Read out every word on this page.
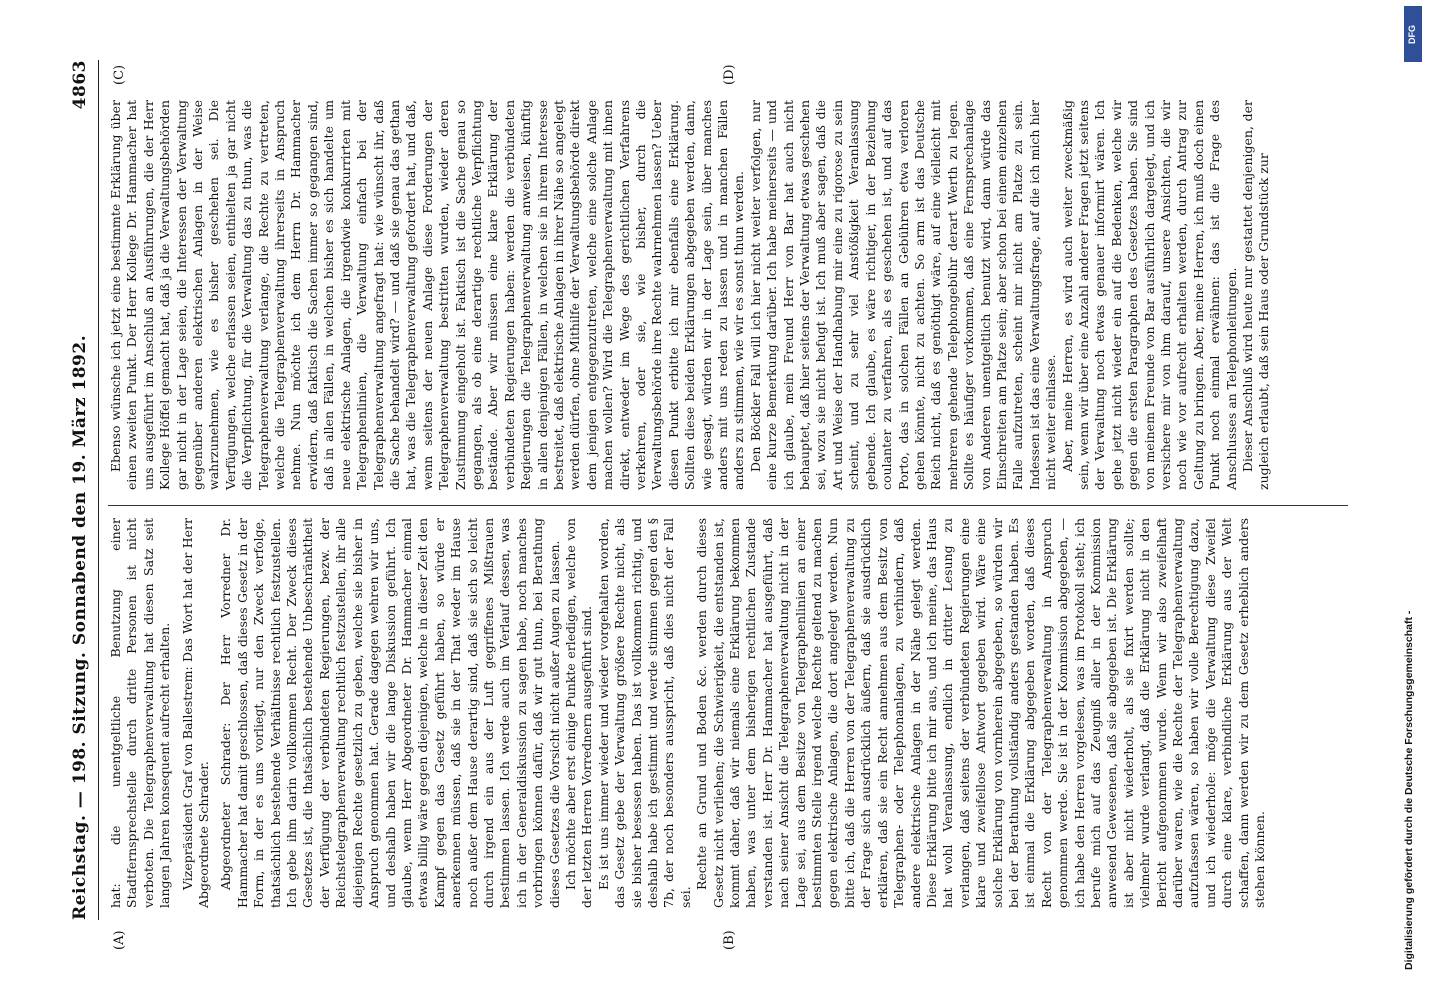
Reichstag. — 198. Sitzung.
Sonnabend den 19. März 1892.
4863
(A)	(B)
(C)	(D)

hat: die unentgeltliche Benutzung einer Stadtfernsprechstelle durch dritte Personen ist nicht verboten. Die Telegraphenverwaltung hat diesen Satz seit langen Jahren konsequent aufrecht erhalten. Vizepräsident Graf von Ballestrem: Das Wort hat der Herr Abgeordnete Schrader. Abgeordneter Schrader: Der Herr Vorredner Dr. Hammacher hat damit geschlossen, daß dieses Gesetz in der Form, in der es uns vorliegt, nur den Zweck verfolge, thatsächlich bestehende Verhältnisse rechtlich festzustellen. Ich gebe ihm darin vollkommen Recht. Der Zweck dieses Gesetzes ist, die thatsächlich bestehende Unbeschränktheit der Verfügung der verbündeten Regierungen, bezw. der Reichstelegraphenverwaltung rechtlich festzustellen, ihr alle diejenigen Rechte gesetzlich zu geben, welche sie bisher in Anspruch genommen hat. Gerade dagegen wehren wir uns, und deshalb haben wir die lange Diskussion geführt. Ich glaube, wenn Herr Abgeordneter Dr. Hammacher einmal etwas billig wäre gegen diejenigen, welche in dieser Zeit den Kampf gegen das Gesetz geführt haben, so würde er anerkennen müssen, daß sie in der That weder im Hause noch außer dem Hause derartig sind, daß sie sich so leicht durch irgend ein aus der Luft gegriffenes Mißtrauen bestimmen lassen. Ich werde auch im Verlauf dessen, was ich in der Generaldiskussion zu sagen habe, noch manches vorbringen können dafür, daß wir gut thun, bei Berathung dieses Gesetzes die Vorsicht nicht außer Augen zu lassen. Ich möchte aber erst einige Punkte erledigen, welche von der letzten Herren Vorrednern ausgeführt sind. Es ist uns immer wieder und wieder vorgehalten worden, das Gesetz gebe der Verwaltung größere Rechte nicht, als sie bisher besessen haben. Das ist vollkommen richtig, und deshalb habe ich gestimmt und werde stimmen gegen den § 7b, der noch besonders ausspricht, daß dies nicht der Fall sei.

Rechte an Grund und Boden &c. werden durch dieses Gesetz nicht verliehen; die Schwierigkeit, die entstanden ist, kommt daher, daß wir niemals eine Erklärung bekommen haben, was unter dem bisherigen rechtlichen Zustande verstanden ist. Herr Dr. Hammacher hat ausgeführt, daß nach seiner Ansicht die Telegraphenverwaltung nicht in der Lage sei, aus dem Besitze von Telegraphenlinien an einer bestimmten Stelle irgend welche Rechte geltend zu machen gegen elektrische Anlagen, die dort angelegt werden. Nun bitte ich, daß die Herren von der Telegraphenverwaltung zu der Frage sich ausdrücklich äußern, daß sie ausdrücklich erklären, daß sie ein Recht annehmen aus dem Besitz von Telegraphen- oder Telephonanlagen, zu verhindern, daß andere elektrische Anlagen in der Nähe gelegt werden. Diese Erklärung bitte ich mir aus, und ich meine, das Haus hat wohl Veranlassung, endlich in dritter Lesung zu verlangen, daß seitens der verbündeten Regierungen eine klare und zweifellose Antwort gegeben wird. Wäre eine solche Erklärung von vornherein abgegeben, so würden wir bei der Berathung vollständig anders gestanden haben. Es ist einmal die Erklärung abgegeben worden, daß dieses Recht von der Telegraphenverwaltung in Anspruch genommen werde. Sie ist in der Kommission abgegeben, — ich habe den Herren vorgelesen, was im Protokoll steht; ich berufe mich auf das Zeugniß aller in der Kommission anwesend Gewesenen, daß sie abgegeben ist. Die Erklärung ist aber nicht wiederholt, als sie fixirt werden sollte; vielmehr wurde verlangt, daß die Erklärung nicht in den Bericht aufgenommen wurde. Wenn wir also zweifelhaft darüber waren, wie die Rechte der Telegraphenverwaltung aufzufassen wären, so haben wir volle Berechtigung dazu, und ich wiederhole: möge die Verwaltung diese Zweifel durch eine klare, verbindliche Erklärung aus der Welt schaffen, dann werden wir zu dem Gesetz erheblich anders stehen können.

Ebenso wünsche ich jetzt eine bestimmte Erklärung über einen zweiten Punkt. Der Herr Kollege Dr. Hammacher hat uns ausgeführt im Anschluß an Ausführungen, die der Herr Kollege Höffel gemacht hat, daß ja die Verwaltungsbehörden gar nicht in der Lage seien, die Interessen der Verwaltung gegenüber anderen elektrischen Anlagen in der Weise wahrzunehmen, wie es bisher geschehen sei. Die Verfügungen, welche erlassen seien, enthielten ja gar nicht die Verpflichtung, für die Verwaltung das zu thun, was die Telegraphenverwaltung verlange, die Rechte zu vertreten, welche die Telegraphenverwaltung ihrerseits in Anspruch nehme. Nun möchte ich dem Herrn Dr. Hammacher erwidern, daß faktisch die Sachen immer so gegangen sind, daß in allen Fällen, in welchen bisher es sich handelte um neue elektrische Anlagen, die irgendwie konkurrirten mit Telegraphenlinien, die Verwaltung einfach bei der Telegraphenverwaltung angefragt hat: wie wünscht ihr, daß die Sache behandelt wird? — und daß sie genau das gethan hat, was die Telegraphenverwaltung gefordert hat, und daß, wenn seitens der neuen Anlage diese Forderungen der Telegraphenverwaltung bestritten wurden, wieder deren Zustimmung eingeholt ist. Faktisch ist die Sache genau so gegangen, als ob eine derartige rechtliche Verpflichtung bestände. Aber wir müssen eine klare Erklärung der verbündeten Regierungen haben: werden die verbündeten Regierungen die Telegraphenverwaltung anweisen, künftig in allen denjenigen Fällen, in welchen sie in ihrem Interesse bestreitet, daß elektrische Anlagen in ihrer Nähe so angelegt werden dürfen, ohne Mithilfe der Verwaltungsbehörde direkt dem jenigen entgegenzutreten, welche eine solche Anlage machen wollen? Wird die Telegraphenverwaltung mit ihnen direkt, entweder im Wege des gerichtlichen Verfahrens verkehren, oder sie, wie bisher, durch die Verwaltungsbehörde ihre Rechte wahrnehmen lassen? Ueber diesen Punkt erbitte ich mir ebenfalls eine Erklärung. Sollten diese beiden Erklärungen abgegeben werden, dann, wie gesagt, würden wir in der Lage sein, über manches anders mit uns reden zu lassen und in manchen Fällen anders zu stimmen, wie wir es sonst thun werden. Den Böckler Fall will ich hier nicht weiter verfolgen, nur eine kurze Bemerkung darüber. Ich habe meinerseits — und ich glaube, mein Freund Herr von Bar hat auch nicht behauptet, daß hier seitens der Verwaltung etwas geschehen sei, wozu sie nicht befugt ist. Ich muß aber sagen, daß die Art und Weise der Handhabung mir eine zu rigorose zu sein scheint, und zu sehr viel Anstößigkeit Veranlassung gebende. Ich glaube, es wäre richtiger, in der Beziehung coulanter zu verfahren, als es geschehen ist, und auf das Porto, das in solchen Fällen an Gebühren etwa verloren gehen könnte, nicht zu achten. So arm ist das Deutsche Reich nicht, daß es genöthigt wäre, auf eine vielleicht mit mehreren gehende Telephongebühr derart Werth zu legen. Sollte es häufiger vorkommen, daß eine Fernsprechanlage von Anderen unentgeltlich benutzt wird, dann würde das Einschreiten am Platze sein; aber schon bei einem einzelnen Falle aufzutreten, scheint mir nicht am Platze zu sein. Indessen ist das eine Verwaltungsfrage, auf die ich mich hier nicht weiter einlasse. Aber, meine Herren, es wird auch weiter zweckmäßig sein, wenn wir über eine Anzahl anderer Fragen jetzt seitens der Verwaltung noch etwas genauer informirt wären. Ich gehe jetzt nicht wieder ein auf die Bedenken, welche wir gegen die ersten Paragraphen des Gesetzes haben. Sie sind von meinem Freunde von Bar ausführlich dargelegt, und ich versichere mir von ihm darauf, unsere Ansichten, die wir noch wie vor aufrecht erhalten werden, durch Antrag zur Geltung zu bringen. Aber, meine Herren, ich muß doch einen Punkt noch einmal erwähnen: das ist die Frage des Anschlusses an Telephonleitungen. Dieser Anschluß wird heute nur gestattet denjenigen, der zugleich erlaubt, daß sein Haus oder Grundstück zur

Digitalisierung gefördert durch die Deutsche Forschungsgemeinschaft -
DFG
